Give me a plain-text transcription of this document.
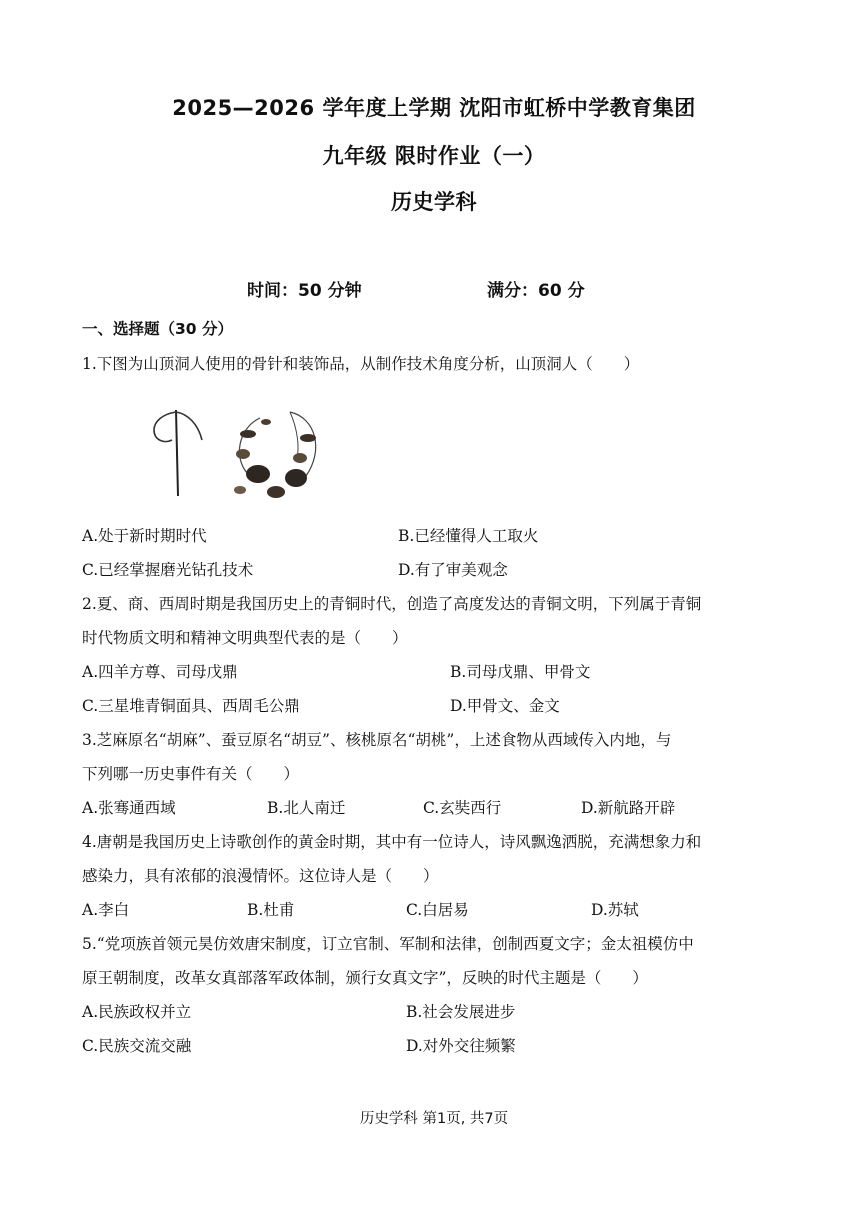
2025—2026 学年度上学期 沈阳市虹桥中学教育集团
九年级 限时作业（一）
历史学科
时间：50 分钟	满分：60 分
一、选择题（30 分）
1.下图为山顶洞人使用的骨针和装饰品，从制作技术角度分析，山顶洞人（　　）
A.处于新时期时代	B.已经懂得人工取火
C.已经掌握磨光钻孔技术	D.有了审美观念
2.夏、商、西周时期是我国历史上的青铜时代，创造了高度发达的青铜文明，下列属于青铜
时代物质文明和精神文明典型代表的是（　　）
A.四羊方尊、司母戊鼎	B.司母戊鼎、甲骨文
C.三星堆青铜面具、西周毛公鼎	D.甲骨文、金文
3.芝麻原名“胡麻”、蚕豆原名“胡豆”、核桃原名“胡桃”，上述食物从西域传入内地，与
下列哪一历史事件有关（　　）
A.张骞通西域	B.北人南迁	C.玄奘西行	D.新航路开辟
4.唐朝是我国历史上诗歌创作的黄金时期，其中有一位诗人，诗风飘逸洒脱，充满想象力和
感染力，具有浓郁的浪漫情怀。这位诗人是（　　）
A.李白	B.杜甫	C.白居易	D.苏轼
5.“党项族首领元昊仿效唐宋制度，订立官制、军制和法律，创制西夏文字；金太祖模仿中
原王朝制度，改革女真部落军政体制，颁行女真文字”，反映的时代主题是（　　）
A.民族政权并立	B.社会发展进步
C.民族交流交融	D.对外交往频繁
历史学科 第1页, 共7页
